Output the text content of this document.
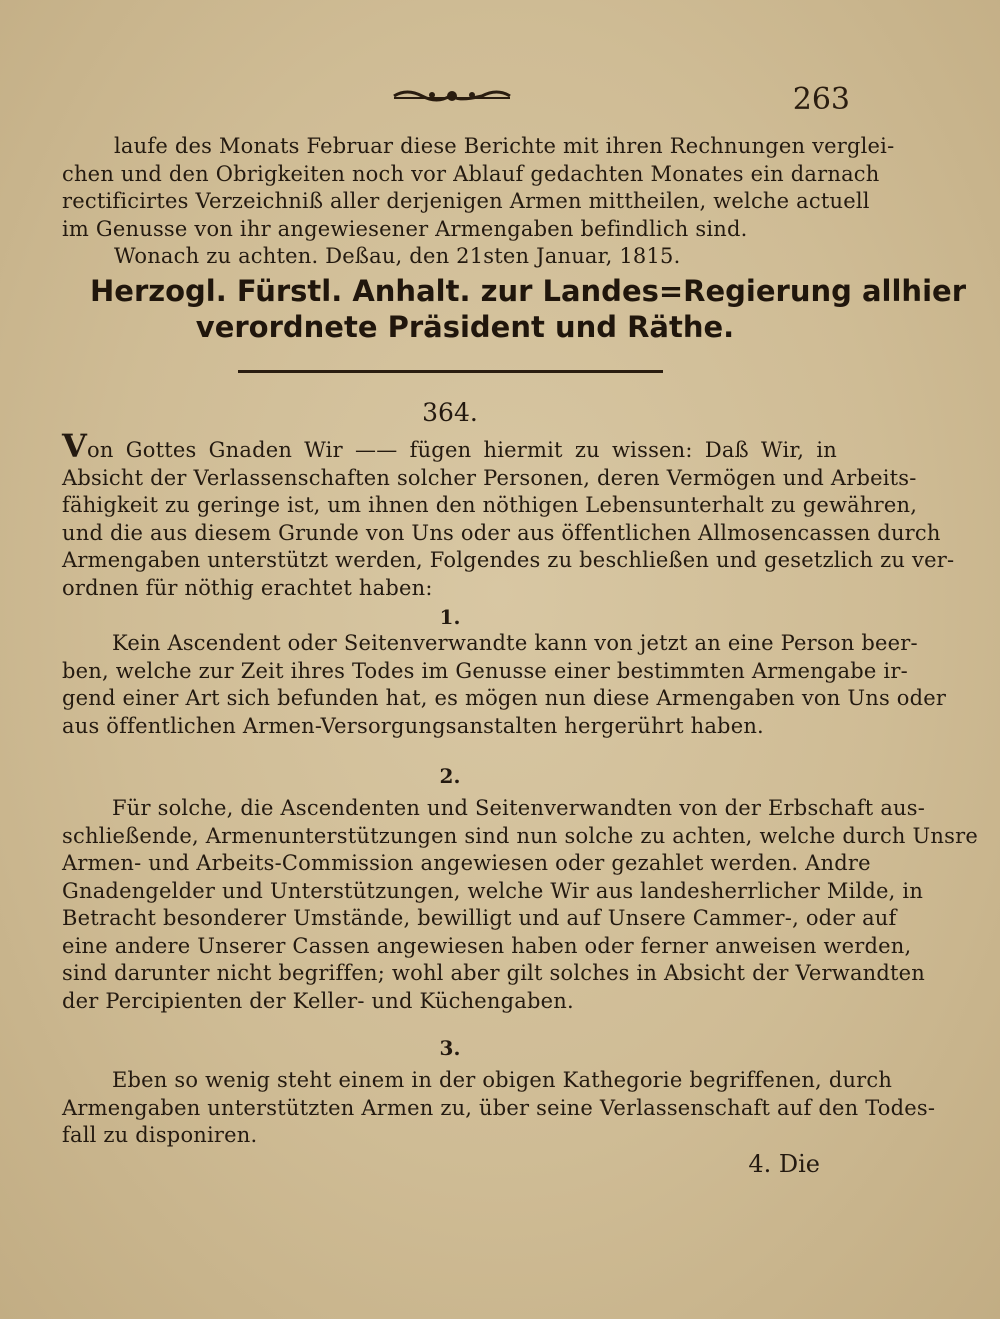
263
laufe des Monats Februar diese Berichte mit ihren Rechnungen verglei-
chen und den Obrigkeiten noch vor Ablauf gedachten Monates ein darnach
rectificirtes Verzeichniß aller derjenigen Armen mittheilen, welche actuell
im Genusse von ihr angewiesener Armengaben befindlich sind.
Wonach zu achten. Deßau, den 21sten Januar, 1815.
Herzogl. Fürstl. Anhalt. zur Landes=Regierung allhier
verordnete Präsident und Räthe.
364.
Von Gottes Gnaden Wir —— fügen hiermit zu wissen: Daß Wir, in
Absicht der Verlassenschaften solcher Personen, deren Vermögen und Arbeits-
fähigkeit zu geringe ist, um ihnen den nöthigen Lebensunterhalt zu gewähren,
und die aus diesem Grunde von Uns oder aus öffentlichen Allmosencassen durch
Armengaben unterstützt werden, Folgendes zu beschließen und gesetzlich zu ver-
ordnen für nöthig erachtet haben:
1.
Kein Ascendent oder Seitenverwandte kann von jetzt an eine Person beer-
ben, welche zur Zeit ihres Todes im Genusse einer bestimmten Armengabe ir-
gend einer Art sich befunden hat, es mögen nun diese Armengaben von Uns oder
aus öffentlichen Armen-Versorgungsanstalten hergerührt haben.
2.
Für solche, die Ascendenten und Seitenverwandten von der Erbschaft aus-
schließende, Armenunterstützungen sind nun solche zu achten, welche durch Unsre
Armen- und Arbeits-Commission angewiesen oder gezahlet werden. Andre
Gnadengelder und Unterstützungen, welche Wir aus landesherrlicher Milde, in
Betracht besonderer Umstände, bewilligt und auf Unsere Cammer-, oder auf
eine andere Unserer Cassen angewiesen haben oder ferner anweisen werden,
sind darunter nicht begriffen; wohl aber gilt solches in Absicht der Verwandten
der Percipienten der Keller- und Küchengaben.
3.
Eben so wenig steht einem in der obigen Kathegorie begriffenen, durch
Armengaben unterstützten Armen zu, über seine Verlassenschaft auf den Todes-
fall zu disponiren.
4. Die
